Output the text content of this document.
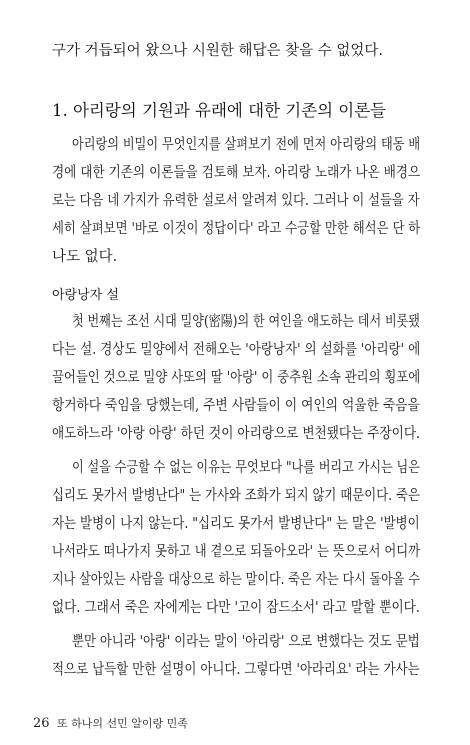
구가 거듭되어 왔으나 시원한 해답은 찾을 수 없었다.
1. 아리랑의 기원과 유래에 대한 기존의 이론들
아리랑의 비밀이 무엇인지를 살펴보기 전에 먼저 아리랑의 태동 배
경에 대한 기존의 이론들을 검토해 보자. 아리랑 노래가 나온 배경으
로는 다음 네 가지가 유력한 설로서 알려져 있다. 그러나 이 설들을 자
세히 살펴보면 '바로 이것이 정답이다' 라고 수긍할 만한 해석은 단 하
나도 없다.
아랑낭자 설
첫 번째는 조선 시대 밀양(密陽)의 한 여인을 애도하는 데서 비롯됐
다는 설. 경상도 밀양에서 전해오는 '아랑낭자' 의 설화를 '아리랑' 에
끌어들인 것으로 밀양 사또의 딸 '아랑' 이 중추원 소속 관리의 횡포에
항거하다 죽임을 당했는데, 주변 사람들이 이 여인의 억울한 죽음을
애도하느라 '아랑 아랑' 하던 것이 아리랑으로 변천됐다는 주장이다.
이 설을 수긍할 수 없는 이유는 무엇보다 "나를 버리고 가시는 님은
십리도 못가서 발병난다" 는 가사와 조화가 되지 않기 때문이다. 죽은
자는 발병이 나지 않는다. "십리도 못가서 발병난다" 는 말은 '발병이
나서라도 떠나가지 못하고 내 곁으로 되돌아오라' 는 뜻으로서 어디까
지나 살아있는 사람을 대상으로 하는 말이다. 죽은 자는 다시 돌아올 수
없다. 그래서 죽은 자에게는 다만 '고이 잠드소서' 라고 말할 뿐이다.
뿐만 아니라 '아랑' 이라는 말이 '아리랑' 으로 변했다는 것도 문법
적으로 납득할 만한 설명이 아니다. 그렇다면 '아라리요' 라는 가사는
26 또 하나의 선민 알이랑 민족
